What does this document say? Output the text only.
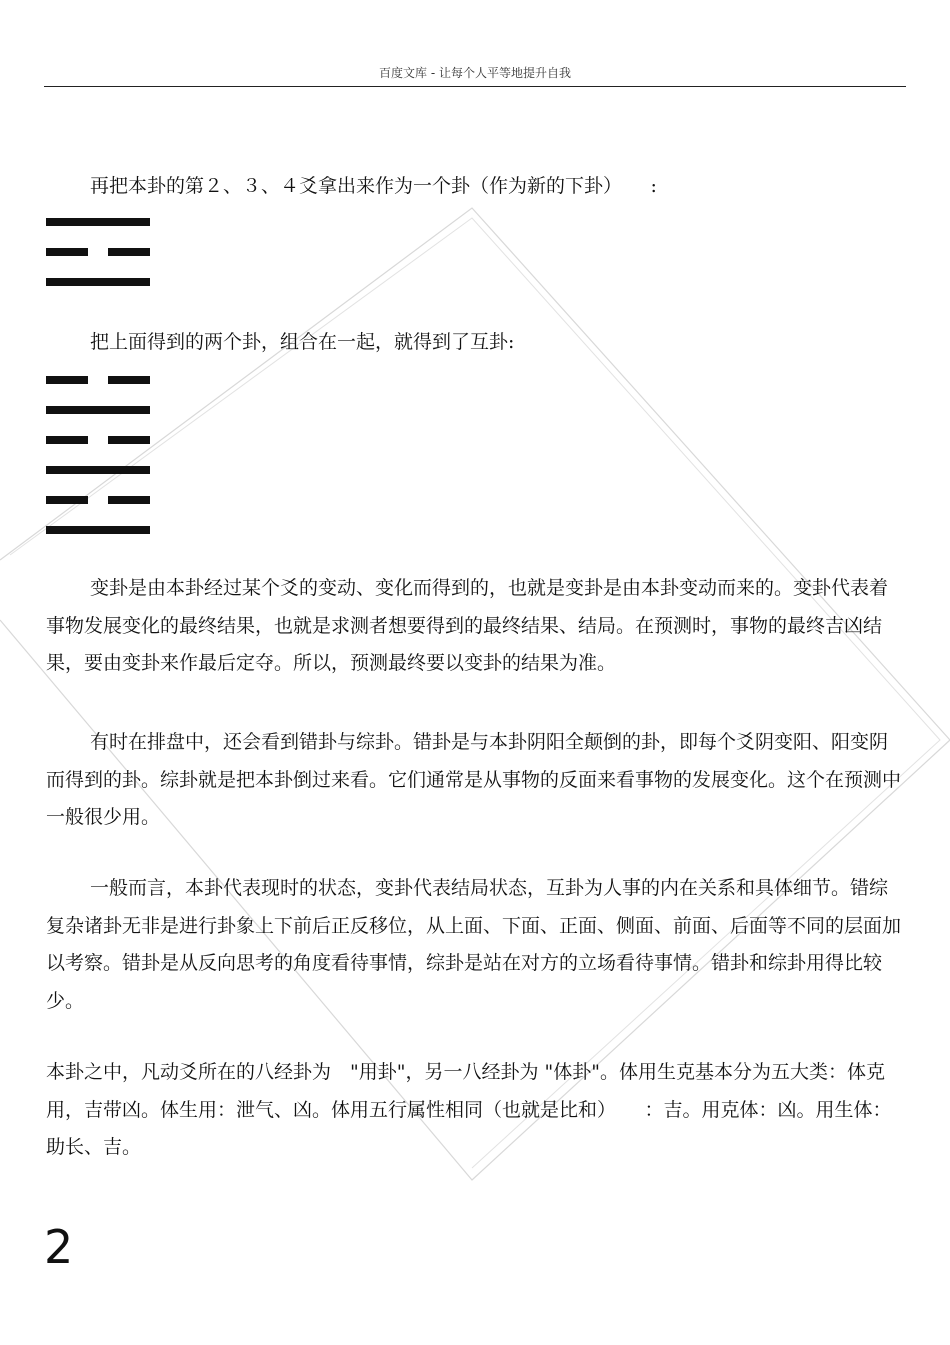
百度文库 - 让每个人平等地提升自我

再把本卦的第２、３、４爻拿出来作为一个卦（作为新的下卦）　　:

把上面得到的两个卦，组合在一起，就得到了互卦:

变卦是由本卦经过某个爻的变动、变化而得到的，也就是变卦是由本卦变动而来的。变卦代表着事物发展变化的最终结果，也就是求测者想要得到的最终结果、结局。在预测时，事物的最终吉凶结果，要由变卦来作最后定夺。所以，预测最终要以变卦的结果为准。

有时在排盘中，还会看到错卦与综卦。错卦是与本卦阴阳全颠倒的卦，即每个爻阴变阳、阳变阴而得到的卦。综卦就是把本卦倒过来看。它们通常是从事物的反面来看事物的发展变化。这个在预测中一般很少用。

一般而言，本卦代表现时的状态，变卦代表结局状态，互卦为人事的内在关系和具体细节。错综复杂诸卦无非是进行卦象上下前后正反移位，从上面、下面、正面、侧面、前面、后面等不同的层面加以考察。错卦是从反向思考的角度看待事情，综卦是站在对方的立场看待事情。错卦和综卦用得比较少。

本卦之中，凡动爻所在的八经卦为　"用卦"，另一八经卦为 "体卦"。体用生克基本分为五大类：体克用，吉带凶。体生用：泄气、凶。体用五行属性相同（也就是比和）　　：吉。用克体：凶。用生体：助长、吉。

2
